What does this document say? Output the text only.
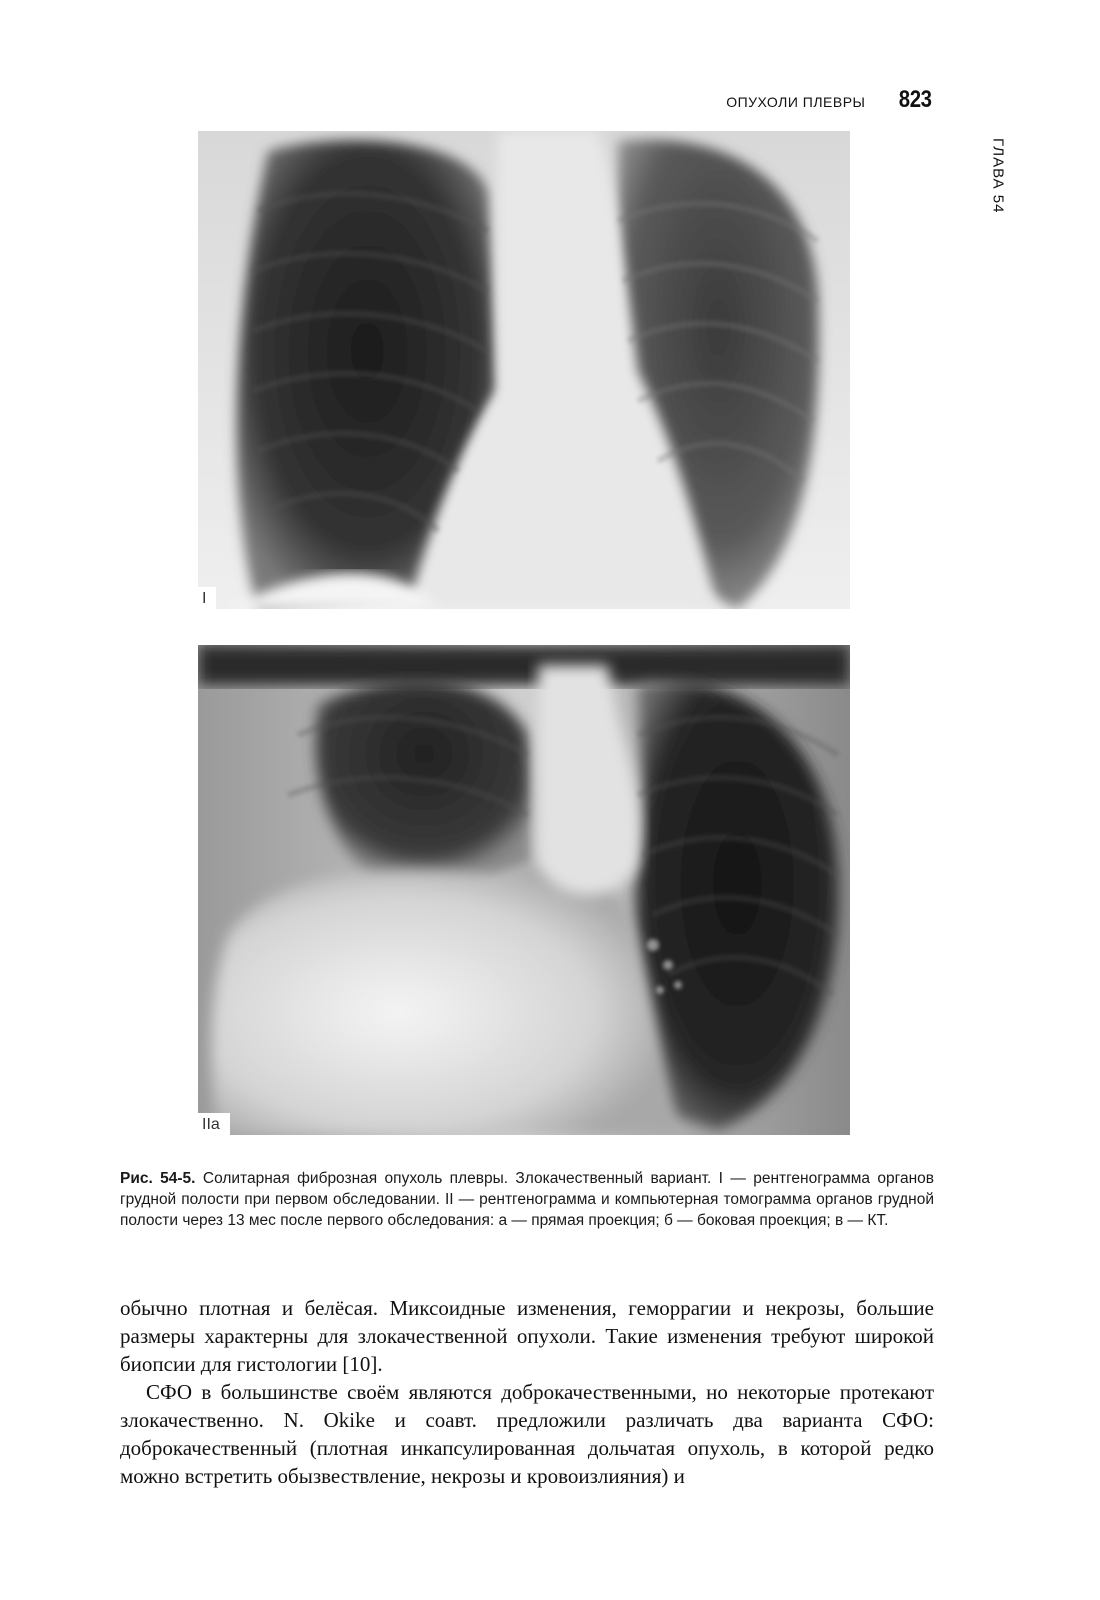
ОПУХОЛИ ПЛЕВРЫ 823
ГЛАВА 54
I
IIa
Рис. 54-5. Солитарная фиброзная опухоль плевры. Злокачественный вариант. I — рентгенограмма органов грудной полости при первом обследовании. II — рентгенограмма и компьютерная томограмма органов грудной полости через 13 мес после первого обследования: а — прямая проекция; б — боковая проекция; в — КТ.

обычно плотная и белёсая. Миксоидные изменения, геморрагии и некрозы, большие размеры характерны для злокачественной опухоли. Такие изменения требуют широкой биопсии для гистологии [10].

СФО в большинстве своём являются доброкачественными, но некоторые протекают злокачественно. N. Okike и соавт. предложили различать два варианта СФО: доброкачественный (плотная инкапсулированная дольчатая опухоль, в которой редко можно встретить обызвествление, некрозы и кровоизлияния) и
